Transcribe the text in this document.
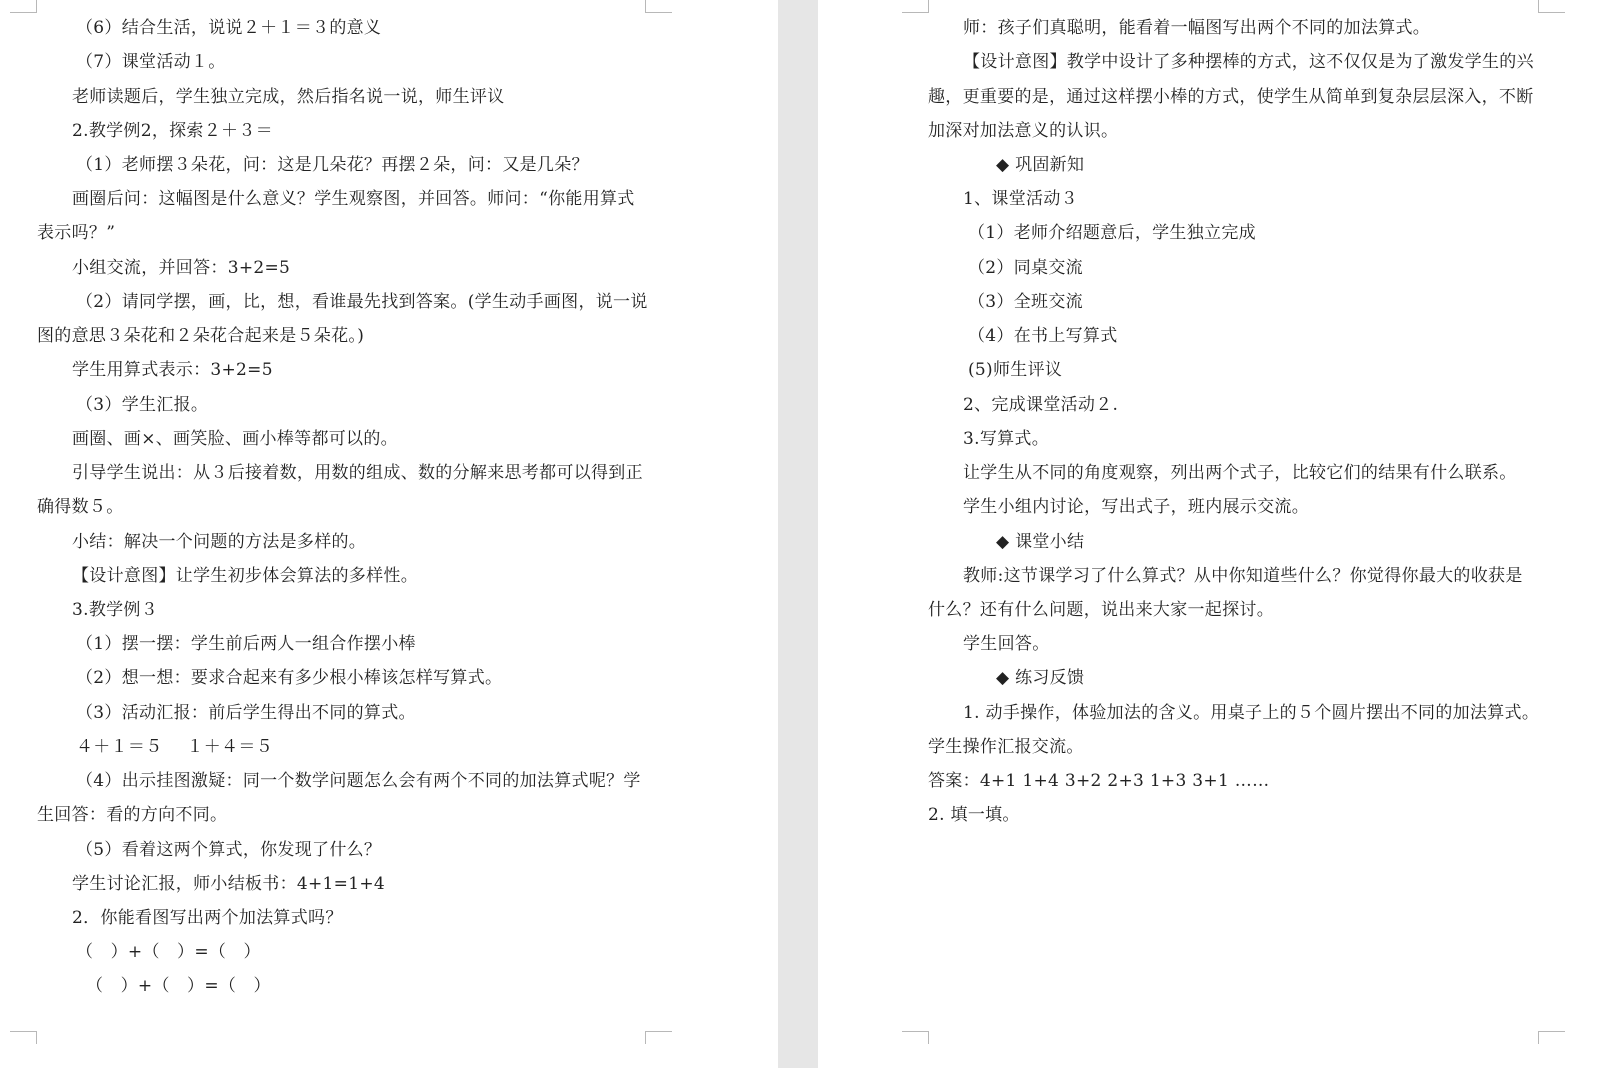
（6）结合生活，说说２＋１＝３的意义
（7）课堂活动１。
老师读题后，学生独立完成，然后指名说一说，师生评议
2.教学例2，探索２＋３＝
（1）老师摆３朵花，问：这是几朵花？再摆２朵，问：又是几朵？
画圈后问：这幅图是什么意义？学生观察图，并回答。师问：“你能用算式
表示吗？”
小组交流，并回答：3+2=5
（2）请同学摆，画，比，想，看谁最先找到答案。(学生动手画图，说一说
图的意思３朵花和２朵花合起来是５朵花。)
学生用算式表示：3+2=5
（3）学生汇报。
画圈、画×、画笑脸、画小棒等都可以的。
引导学生说出：从３后接着数，用数的组成、数的分解来思考都可以得到正
确得数５。
小结：解决一个问题的方法是多样的。
【设计意图】让学生初步体会算法的多样性。
3.教学例３
（1）摆一摆：学生前后两人一组合作摆小棒
（2）想一想：要求合起来有多少根小棒该怎样写算式。
（3）活动汇报：前后学生得出不同的算式。
４＋１＝５ １＋４＝５
（4）出示挂图激疑：同一个数学问题怎么会有两个不同的加法算式呢？学
生回答：看的方向不同。
（5）看着这两个算式，你发现了什么？
学生讨论汇报，师小结板书：4+1=1+4
2．你能看图写出两个加法算式吗？
（　）+（　）=（　）
（　）+（　）=（　）
师：孩子们真聪明，能看着一幅图写出两个不同的加法算式。
【设计意图】教学中设计了多种摆棒的方式，这不仅仅是为了激发学生的兴
趣，更重要的是，通过这样摆小棒的方式，使学生从简单到复杂层层深入，不断
加深对加法意义的认识。
◆ 巩固新知
1、课堂活动３
（1）老师介绍题意后，学生独立完成
（2）同桌交流
（3）全班交流
（4）在书上写算式
(5)师生评议
2、完成课堂活动２.
3.写算式。
让学生从不同的角度观察，列出两个式子，比较它们的结果有什么联系。
学生小组内讨论，写出式子，班内展示交流。
◆ 课堂小结
教师:这节课学习了什么算式？从中你知道些什么？你觉得你最大的收获是
什么？还有什么问题，说出来大家一起探讨。
学生回答。
◆ 练习反馈
1. 动手操作，体验加法的含义。用桌子上的５个圆片摆出不同的加法算式。
学生操作汇报交流。
答案：4+1 1+4 3+2 2+3 1+3 3+1 ……
2. 填一填。
